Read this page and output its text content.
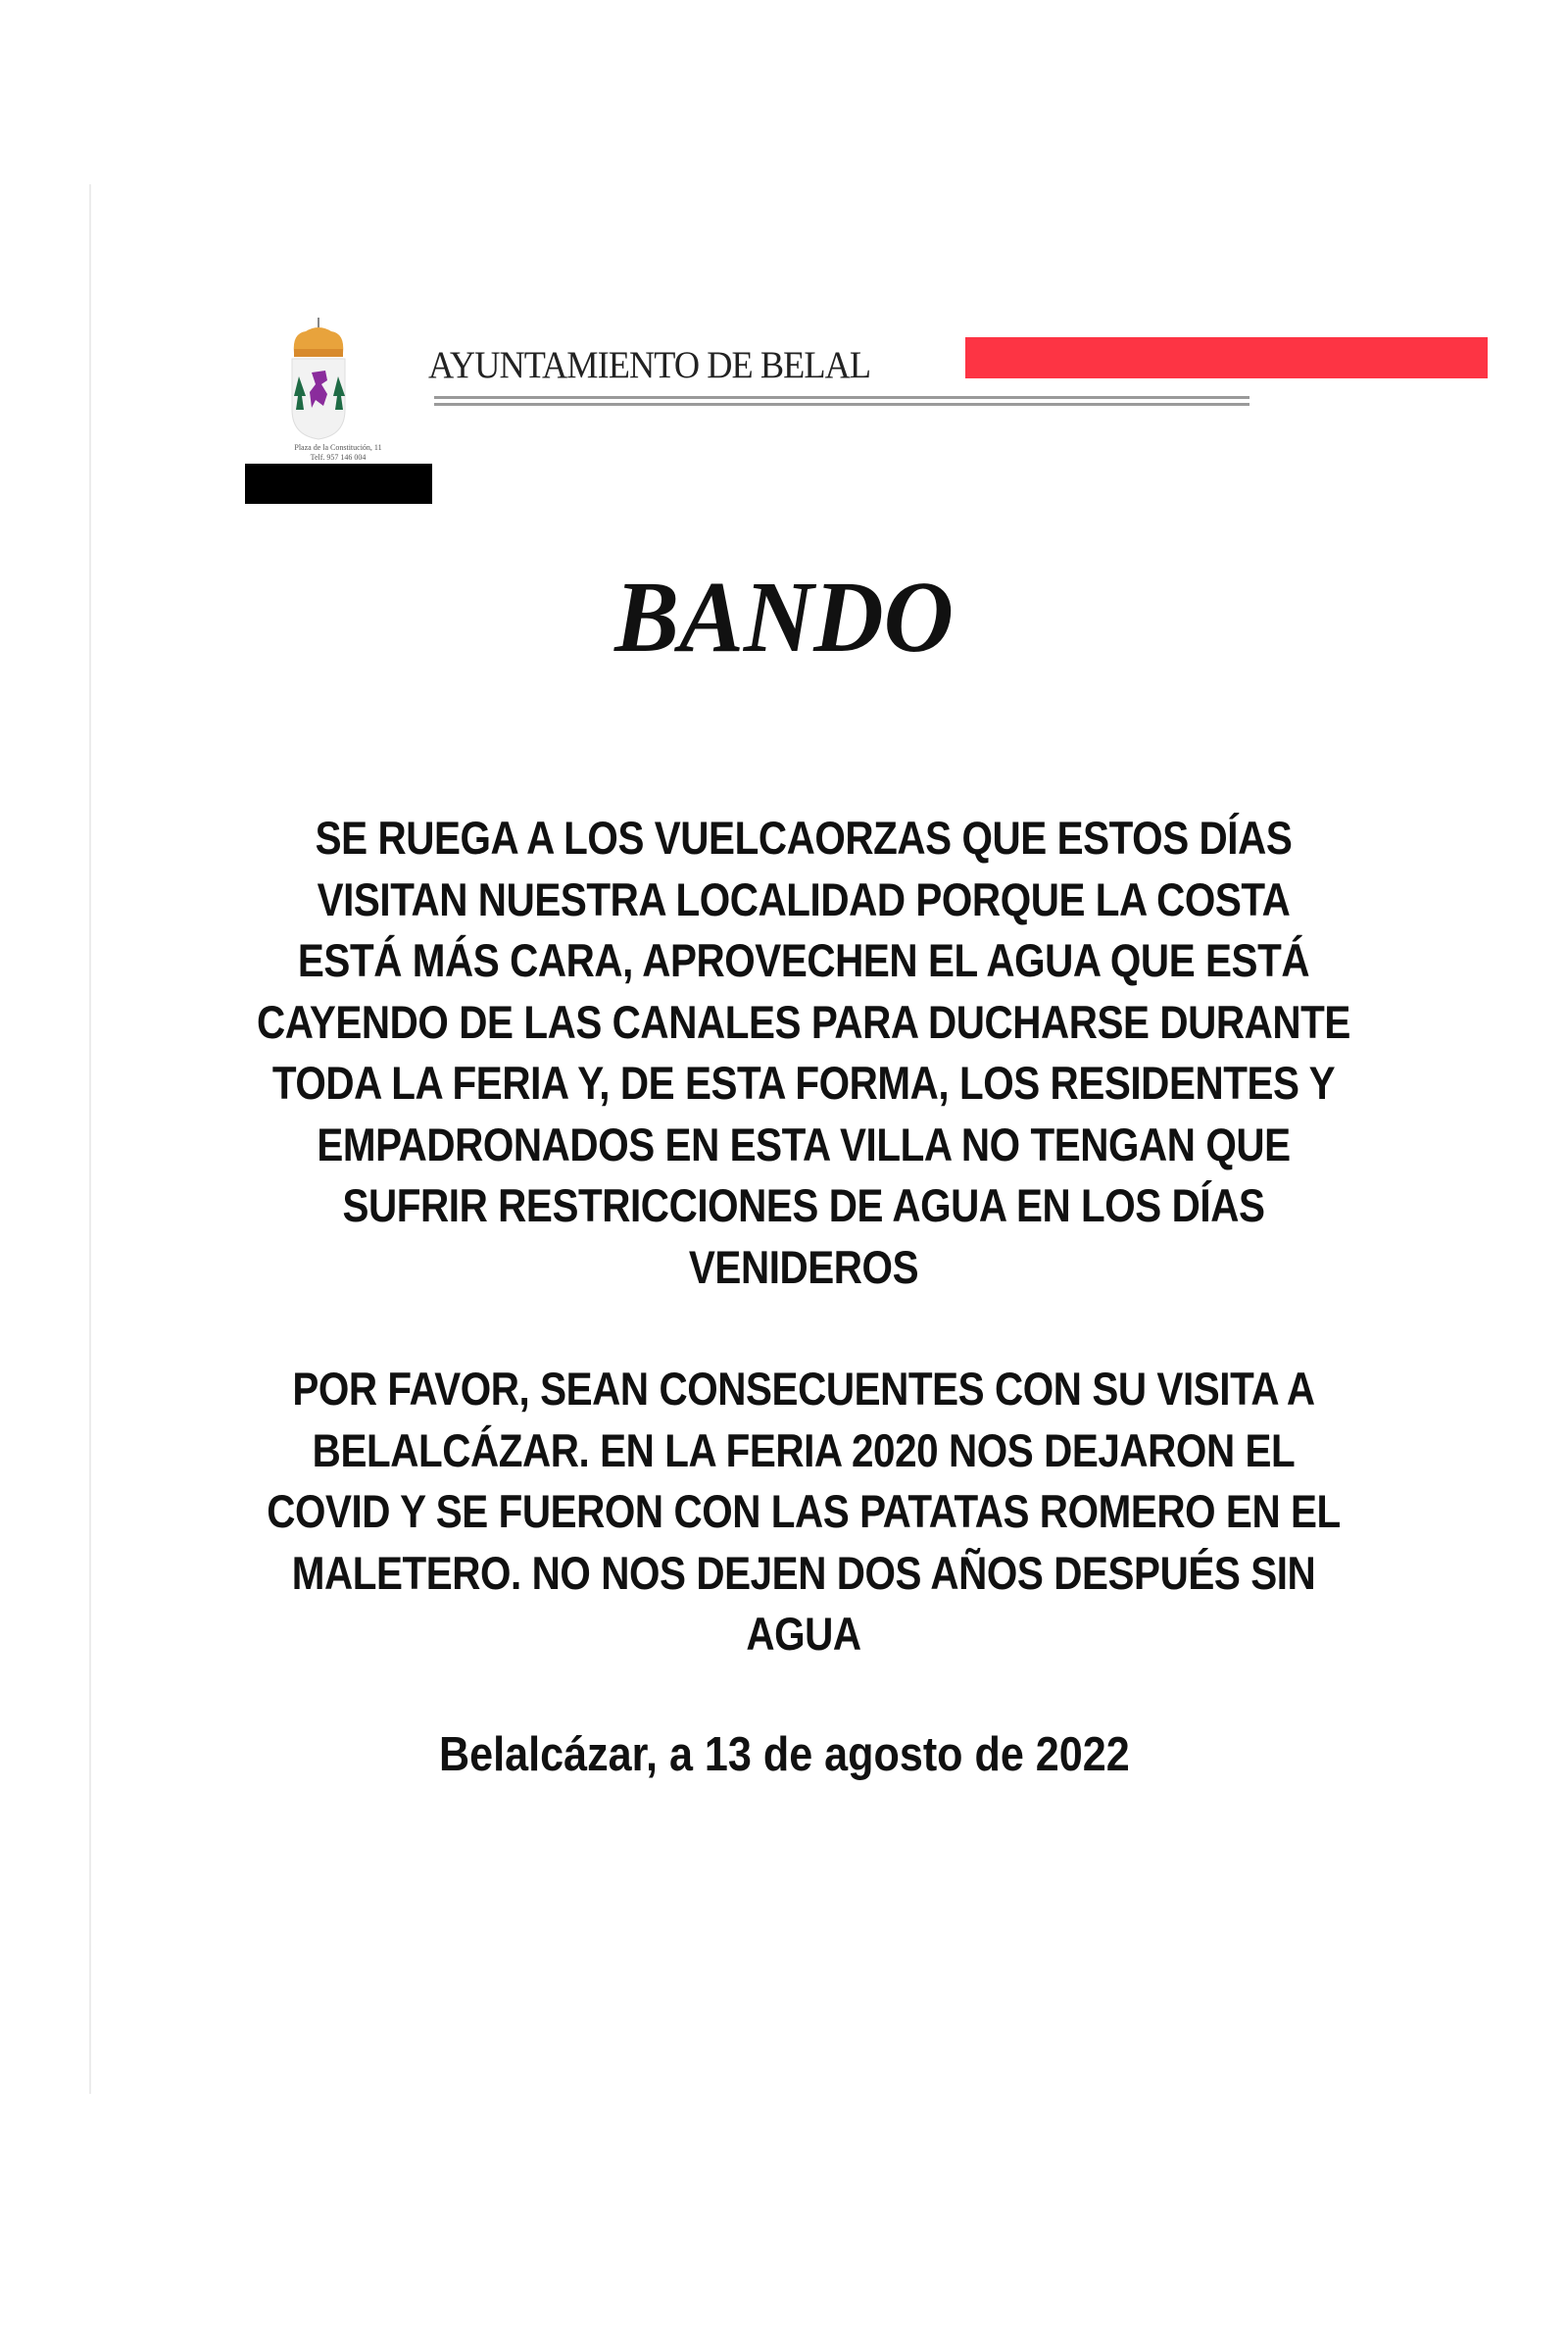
Plaza de la Constitución, 11
Telf. 957 146 004
AYUNTAMIENTO DE BELAL
BANDO
SE RUEGA A LOS VUELCAORZAS QUE ESTOS DÍAS
VISITAN NUESTRA LOCALIDAD PORQUE LA COSTA
ESTÁ MÁS CARA, APROVECHEN EL AGUA QUE ESTÁ
CAYENDO DE LAS CANALES PARA DUCHARSE DURANTE
TODA LA FERIA Y, DE ESTA FORMA, LOS RESIDENTES Y
EMPADRONADOS EN ESTA VILLA NO TENGAN QUE
SUFRIR RESTRICCIONES DE AGUA EN LOS DÍAS
VENIDEROS
POR FAVOR, SEAN CONSECUENTES CON SU VISITA A
BELALCÁZAR. EN LA FERIA 2020 NOS DEJARON EL
COVID Y SE FUERON CON LAS PATATAS ROMERO EN EL
MALETERO. NO NOS DEJEN DOS AÑOS DESPUÉS SIN
AGUA
Belalcázar, a 13 de agosto de 2022
